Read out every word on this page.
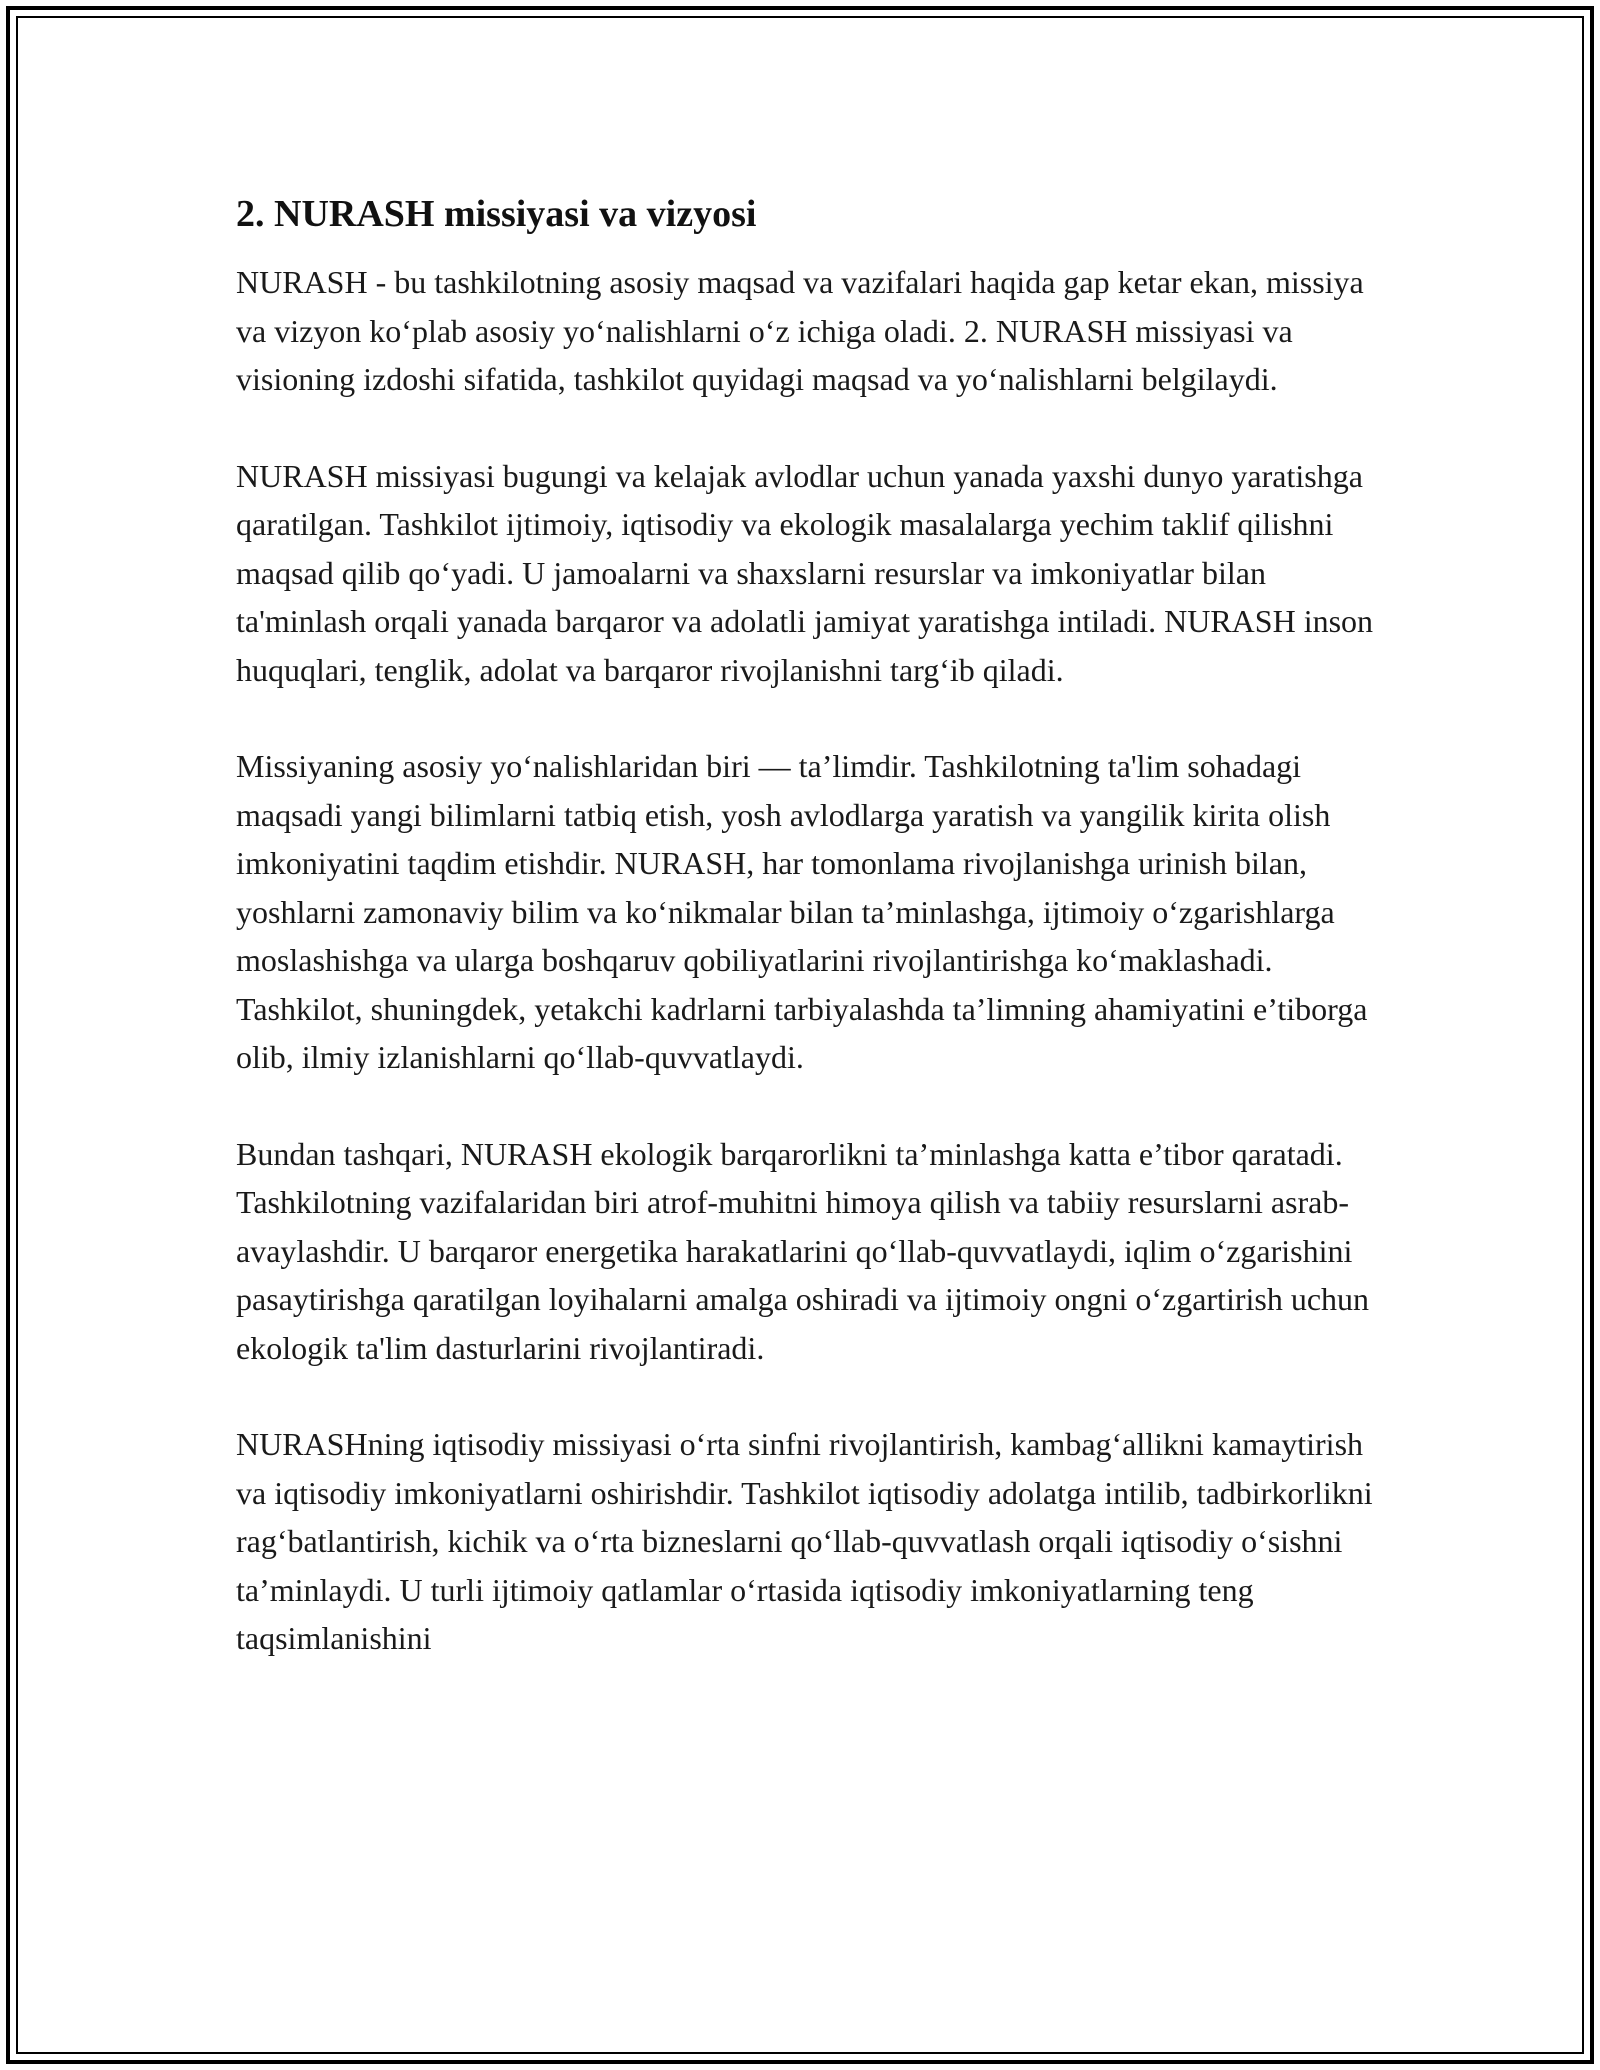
2. NURASH missiyasi va vizyosi

NURASH - bu tashkilotning asosiy maqsad va vazifalari haqida gap ketar ekan, missiya va vizyon koʻplab asosiy yoʻnalishlarni oʻz ichiga oladi. 2. NURASH missiyasi va visioning izdoshi sifatida, tashkilot quyidagi maqsad va yoʻnalishlarni belgilaydi.

NURASH missiyasi bugungi va kelajak avlodlar uchun yanada yaxshi dunyo yaratishga qaratilgan. Tashkilot ijtimoiy, iqtisodiy va ekologik masalalarga yechim taklif qilishni maqsad qilib qoʻyadi. U jamoalarni va shaxslarni resurslar va imkoniyatlar bilan ta'minlash orqali yanada barqaror va adolatli jamiyat yaratishga intiladi. NURASH inson huquqlari, tenglik, adolat va barqaror rivojlanishni targʻib qiladi.

Missiyaning asosiy yoʻnalishlaridan biri — ta’limdir. Tashkilotning ta'lim sohadagi maqsadi yangi bilimlarni tatbiq etish, yosh avlodlarga yaratish va yangilik kirita olish imkoniyatini taqdim etishdir. NURASH, har tomonlama rivojlanishga urinish bilan, yoshlarni zamonaviy bilim va koʻnikmalar bilan ta’minlashga, ijtimoiy oʻzgarishlarga moslashishga va ularga boshqaruv qobiliyatlarini rivojlantirishga koʻmaklashadi. Tashkilot, shuningdek, yetakchi kadrlarni tarbiyalashda ta’limning ahamiyatini e’tiborga olib, ilmiy izlanishlarni qoʻllab-quvvatlaydi.

Bundan tashqari, NURASH ekologik barqarorlikni ta’minlashga katta e’tibor qaratadi. Tashkilotning vazifalaridan biri atrof-muhitni himoya qilish va tabiiy resurslarni asrab-avaylashdir. U barqaror energetika harakatlarini qoʻllab-quvvatlaydi, iqlim oʻzgarishini pasaytirishga qaratilgan loyihalarni amalga oshiradi va ijtimoiy ongni oʻzgartirish uchun ekologik ta'lim dasturlarini rivojlantiradi.

NURASHning iqtisodiy missiyasi oʻrta sinfni rivojlantirish, kambagʻallikni kamaytirish va iqtisodiy imkoniyatlarni oshirishdir. Tashkilot iqtisodiy adolatga intilib, tadbirkorlikni ragʻbatlantirish, kichik va oʻrta bizneslarni qoʻllab-quvvatlash orqali iqtisodiy oʻsishni ta’minlaydi. U turli ijtimoiy qatlamlar oʻrtasida iqtisodiy imkoniyatlarning teng taqsimlanishini
